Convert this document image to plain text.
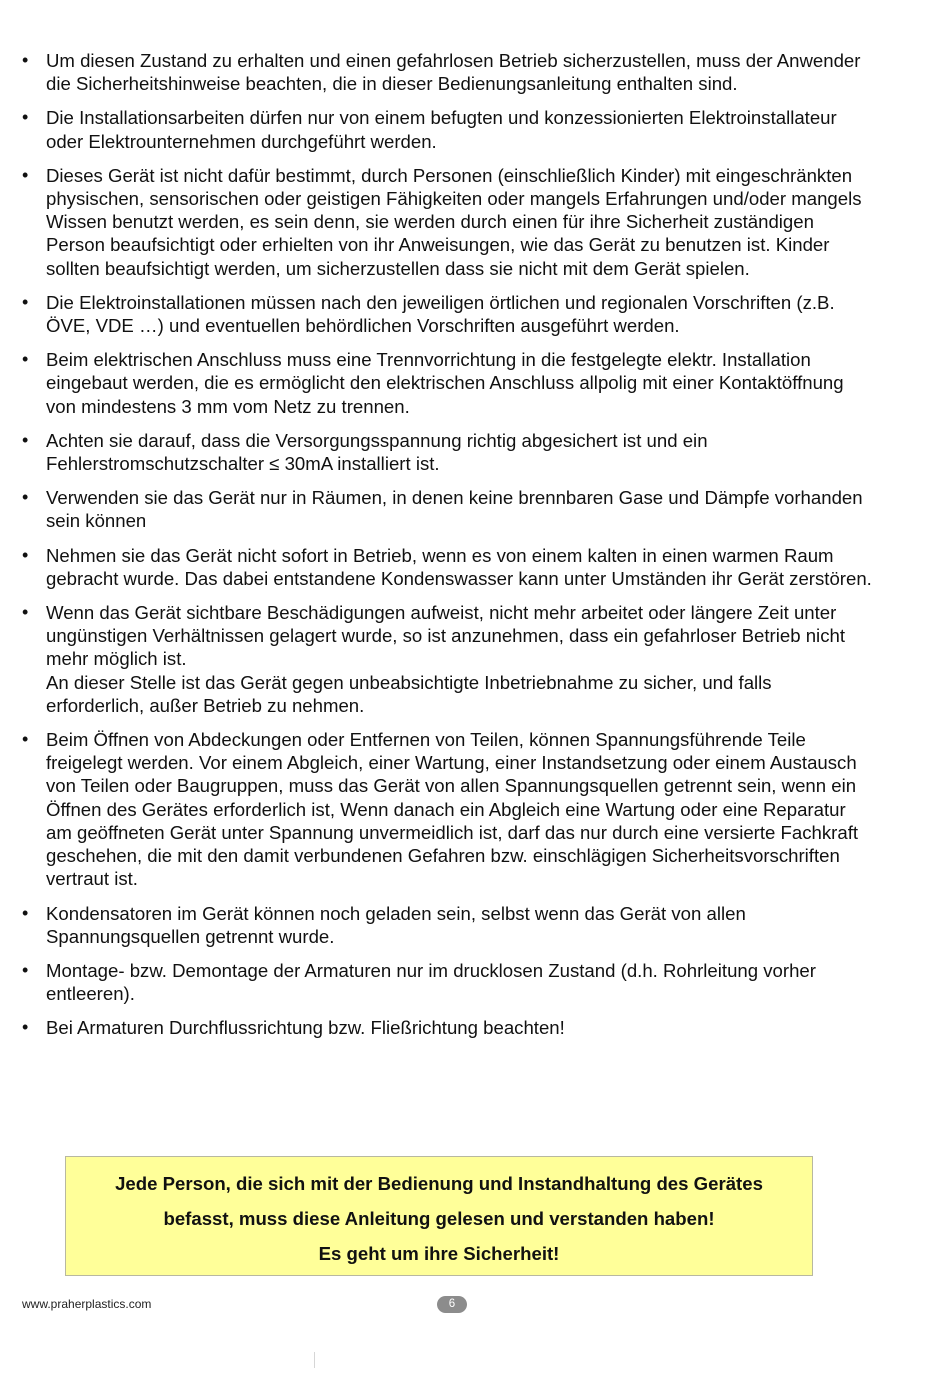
• Um diesen Zustand zu erhalten und einen gefahrlosen Betrieb sicherzustellen, muss der Anwender die Sicherheitshinweise beachten, die in dieser Bedienungsanleitung enthalten sind.
• Die Installationsarbeiten dürfen nur von einem befugten und konzessionierten Elektroinstallateur oder Elektrounternehmen durchgeführt werden.
• Dieses Gerät ist nicht dafür bestimmt, durch Personen (einschließlich Kinder) mit eingeschränkten physischen, sensorischen oder geistigen Fähigkeiten oder mangels Erfahrungen und/oder mangels Wissen benutzt werden, es sein denn, sie werden durch einen für ihre Sicherheit zuständigen Person beaufsichtigt oder erhielten von ihr Anweisungen, wie das Gerät zu benutzen ist. Kinder sollten beaufsichtigt werden, um sicherzustellen dass sie nicht mit dem Gerät spielen.
• Die Elektroinstallationen müssen nach den jeweiligen örtlichen und regionalen Vorschriften (z.B. ÖVE, VDE …) und eventuellen behördlichen Vorschriften ausgeführt werden.
• Beim elektrischen Anschluss muss eine Trennvorrichtung in die festgelegte elektr. Installation eingebaut werden, die es ermöglicht den elektrischen Anschluss allpolig mit einer Kontaktöffnung von mindestens 3 mm vom Netz zu trennen.
• Achten sie darauf, dass die Versorgungsspannung richtig abgesichert ist und ein Fehlerstromschutzschalter ≤ 30mA installiert ist.
• Verwenden sie das Gerät nur in Räumen, in denen keine brennbaren Gase und Dämpfe vorhanden sein können
• Nehmen sie das Gerät nicht sofort in Betrieb, wenn es von einem kalten in einen warmen Raum gebracht wurde. Das dabei entstandene Kondenswasser kann unter Umständen ihr Gerät zerstören.
• Wenn das Gerät sichtbare Beschädigungen aufweist, nicht mehr arbeitet oder längere Zeit unter ungünstigen Verhältnissen gelagert wurde, so ist anzunehmen, dass ein gefahrloser Betrieb nicht mehr möglich ist.
An dieser Stelle ist das Gerät gegen unbeabsichtigte Inbetriebnahme zu sicher, und falls erforderlich, außer Betrieb zu nehmen.
• Beim Öffnen von Abdeckungen oder Entfernen von Teilen, können Spannungsführende Teile freigelegt werden. Vor einem Abgleich, einer Wartung, einer Instandsetzung oder einem Austausch von Teilen oder Baugruppen, muss das Gerät von allen Spannungsquellen getrennt sein, wenn ein Öffnen des Gerätes erforderlich ist, Wenn danach ein Abgleich eine Wartung oder eine Reparatur am geöffneten Gerät unter Spannung unvermeidlich ist, darf das nur durch eine versierte Fachkraft geschehen, die mit den damit verbundenen Gefahren bzw. einschlägigen Sicherheitsvorschriften vertraut ist.
• Kondensatoren im Gerät können noch geladen sein, selbst wenn das Gerät von allen Spannungsquellen getrennt wurde.
• Montage- bzw. Demontage der Armaturen nur im drucklosen Zustand (d.h. Rohrleitung vorher entleeren).
• Bei Armaturen Durchflussrichtung bzw. Fließrichtung beachten!
Jede Person, die sich mit der Bedienung und Instandhaltung des Gerätes
befasst, muss diese Anleitung gelesen und verstanden haben!
Es geht um ihre Sicherheit!
www.praherplastics.com	6
